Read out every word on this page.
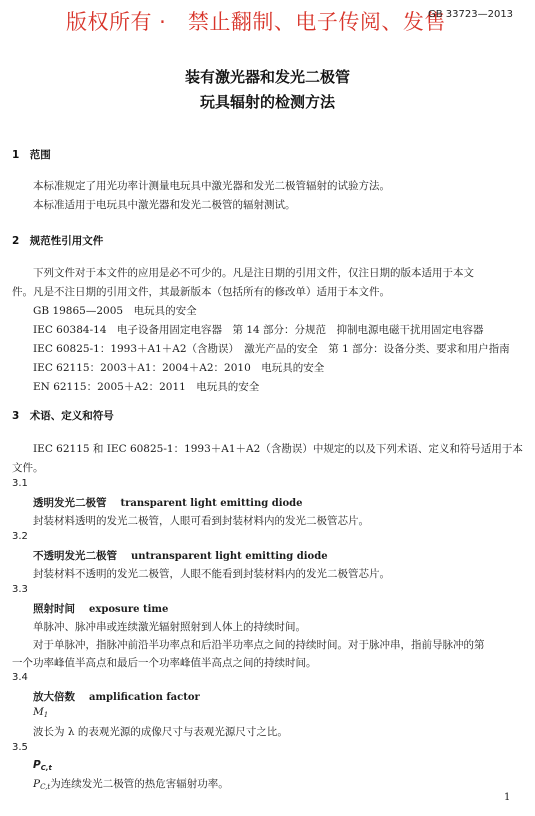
版权所有 ·　禁止翻制、电子传阅、发售
GB 33723—2013
装有激光器和发光二极管
玩具辐射的检测方法
1　范围
本标准规定了用光功率计测量电玩具中激光器和发光二极管辐射的试验方法。
本标准适用于电玩具中激光器和发光二极管的辐射测试。
2　规范性引用文件
下列文件对于本文件的应用是必不可少的。凡是注日期的引用文件，仅注日期的版本适用于本文
件。凡是不注日期的引用文件，其最新版本（包括所有的修改单）适用于本文件。
GB 19865—2005　电玩具的安全
IEC 60384-14　电子设备用固定电容器　第 14 部分：分规范　抑制电源电磁干扰用固定电容器
IEC 60825-1：1993＋A1＋A2（含勘误）　激光产品的安全　第 1 部分：设备分类、要求和用户指南
IEC 62115：2003＋A1：2004＋A2：2010　电玩具的安全
EN 62115：2005＋A2：2011　电玩具的安全
3　术语、定义和符号
IEC 62115 和 IEC 60825-1：1993＋A1＋A2（含勘误）中规定的以及下列术语、定义和符号适用于本
文件。
3.1
透明发光二极管 transparent light emitting diode
封装材料透明的发光二极管，人眼可看到封装材料内的发光二极管芯片。
3.2
不透明发光二极管 untransparent light emitting diode
封装材料不透明的发光二极管，人眼不能看到封装材料内的发光二极管芯片。
3.3
照射时间 exposure time
单脉冲、脉冲串或连续激光辐射照射到人体上的持续时间。
对于单脉冲，指脉冲前沿半功率点和后沿半功率点之间的持续时间。对于脉冲串，指前导脉冲的第
一个功率峰值半高点和最后一个功率峰值半高点之间的持续时间。
3.4
放大倍数 amplification factor
$M_1$
波长为 λ 的表观光源的成像尺寸与表观光源尺寸之比。
3.5
$P_{C,t}$
$P_{C,t}$为连续发光二极管的热危害辐射功率。
1
